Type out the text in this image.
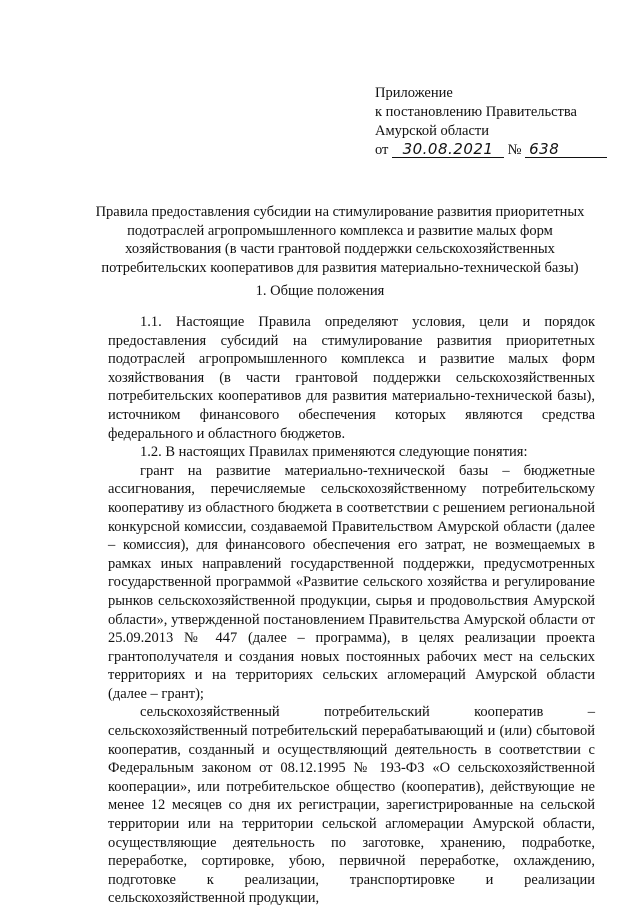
Приложение
к постановлению Правительства
Амурской области
от 30.08.2021 № 638
Правила предоставления субсидии на стимулирование развития приоритетных подотраслей агропромышленного комплекса и развитие малых форм хозяйствования (в части грантовой поддержки сельскохозяйственных потребительских кооперативов для развития материально-технической базы)
1. Общие положения

1.1. Настоящие Правила определяют условия, цели и порядок предоставления субсидий на стимулирование развития приоритетных подотраслей агропромышленного комплекса и развитие малых форм хозяйствования (в части грантовой поддержки сельскохозяйственных потребительских кооперативов для развития материально-технической базы), источником финансового обеспечения которых являются средства федерального и областного бюджетов.

1.2. В настоящих Правилах применяются следующие понятия:

грант на развитие материально-технической базы – бюджетные ассигнования, перечисляемые сельскохозяйственному потребительскому кооперативу из областного бюджета в соответствии с решением региональной конкурсной комиссии, создаваемой Правительством Амурской области (далее – комиссия), для финансового обеспечения его затрат, не возмещаемых в рамках иных направлений государственной поддержки, предусмотренных государственной программой «Развитие сельского хозяйства и регулирование рынков сельскохозяйственной продукции, сырья и продовольствия Амурской области», утвержденной постановлением Правительства Амурской области от 25.09.2013 № 447 (далее – программа), в целях реализации проекта грантополучателя и создания новых постоянных рабочих мест на сельских территориях и на территориях сельских агломераций Амурской области (далее – грант);

сельскохозяйственный потребительский кооператив – сельскохозяйственный потребительский перерабатывающий и (или) сбытовой кооператив, созданный и осуществляющий деятельность в соответствии с Федеральным законом от 08.12.1995 № 193-ФЗ «О сельскохозяйственной кооперации», или потребительское общество (кооператив), действующие не менее 12 месяцев со дня их регистрации, зарегистрированные на сельской территории или на территории сельской агломерации Амурской области, осуществляющие деятельность по заготовке, хранению, подработке, переработке, сортировке, убою, первичной переработке, охлаждению, подготовке к реализации, транспортировке и реализации сельскохозяйственной продукции,
